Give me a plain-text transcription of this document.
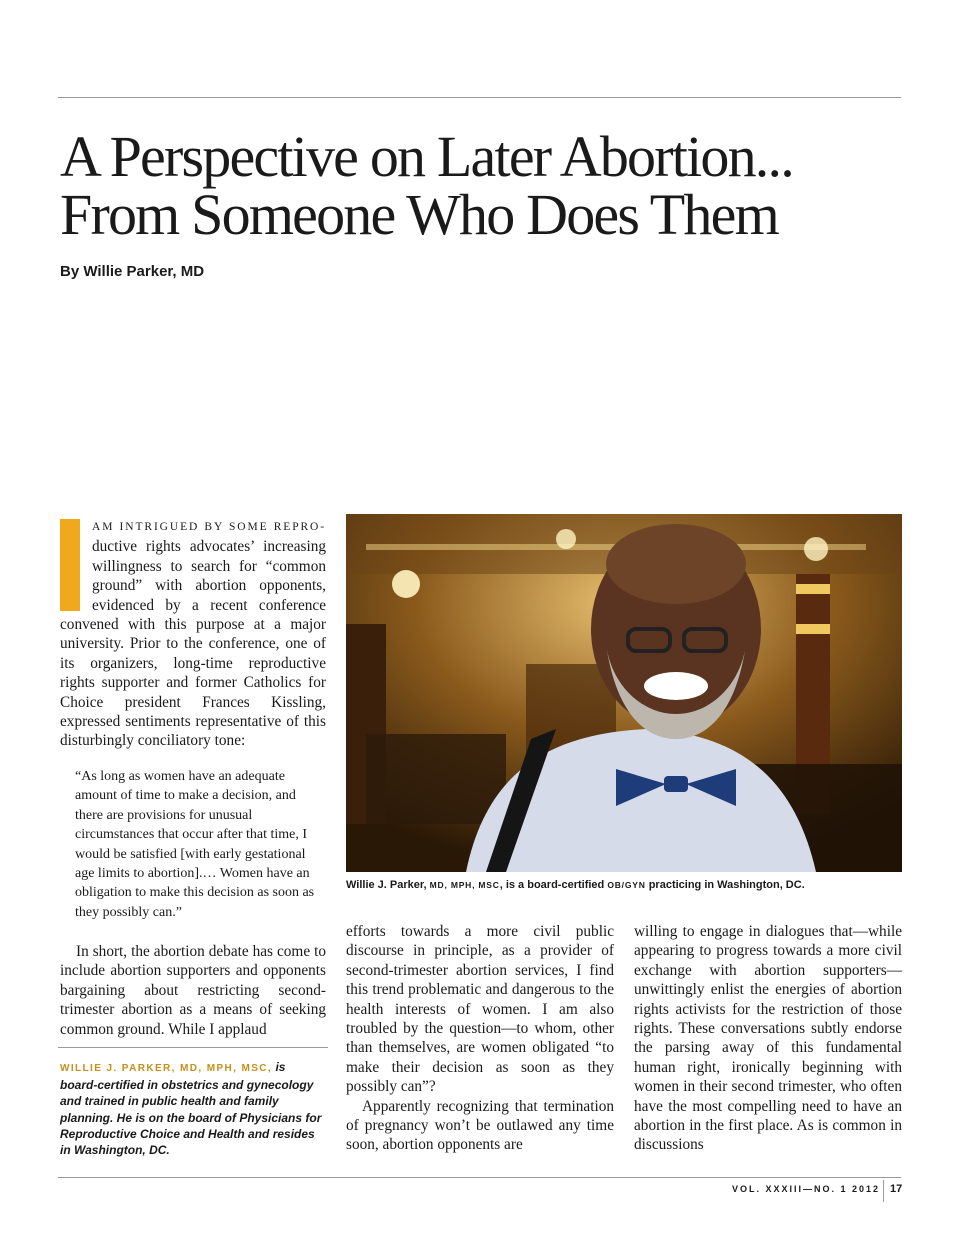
A Perspective on Later Abortion...
From Someone Who Does Them
By Willie Parker, MD

AM INTRIGUED BY SOME REPRO- ductive rights advocates’ increasing willingness to search for “common ground” with abortion opponents, evidenced by a recent conference convened with this purpose at a major university. Prior to the conference, one of its organizers, long-time reproductive rights supporter and former Catholics for Choice president Frances Kissling, expressed sentiments representative of this disturbingly conciliatory tone:

“As long as women have an adequate amount of time to make a decision, and there are provisions for unusual circumstances that occur after that time, I would be satisfied [with early gestational age limits to abortion].… Women have an obligation to make this decision as soon as they possibly can.”
In short, the abortion debate has come to include abortion supporters and opponents bargaining about restricting second-trimester abortion as a means of seeking common ground. While I applaud
WILLIE J. PARKER, MD, MPH, MSC, is board-certified in obstetrics and gynecology and trained in public health and family planning. He is on the board of Physicians for Reproductive Choice and Health and resides in Washington, DC.
Willie J. Parker, MD, MPH, MSC, is a board-certified OB/GYN practicing in Washington, DC.

efforts towards a more civil public discourse in principle, as a provider of second-trimester abortion services, I find this trend problematic and dangerous to the health interests of women. I am also troubled by the question—to whom, other than themselves, are women obligated “to make their decision as soon as they possibly can”?

Apparently recognizing that termination of pregnancy won’t be outlawed any time soon, abortion opponents are

willing to engage in dialogues that—while appearing to progress towards a more civil exchange with abortion supporters—unwittingly enlist the energies of abortion rights activists for the restriction of those rights. These conversations subtly endorse the parsing away of this fundamental human right, ironically beginning with women in their second trimester, who often have the most compelling need to have an abortion in the first place. As is common in discussions

VOL. XXXIII—NO. 1 2012 17
